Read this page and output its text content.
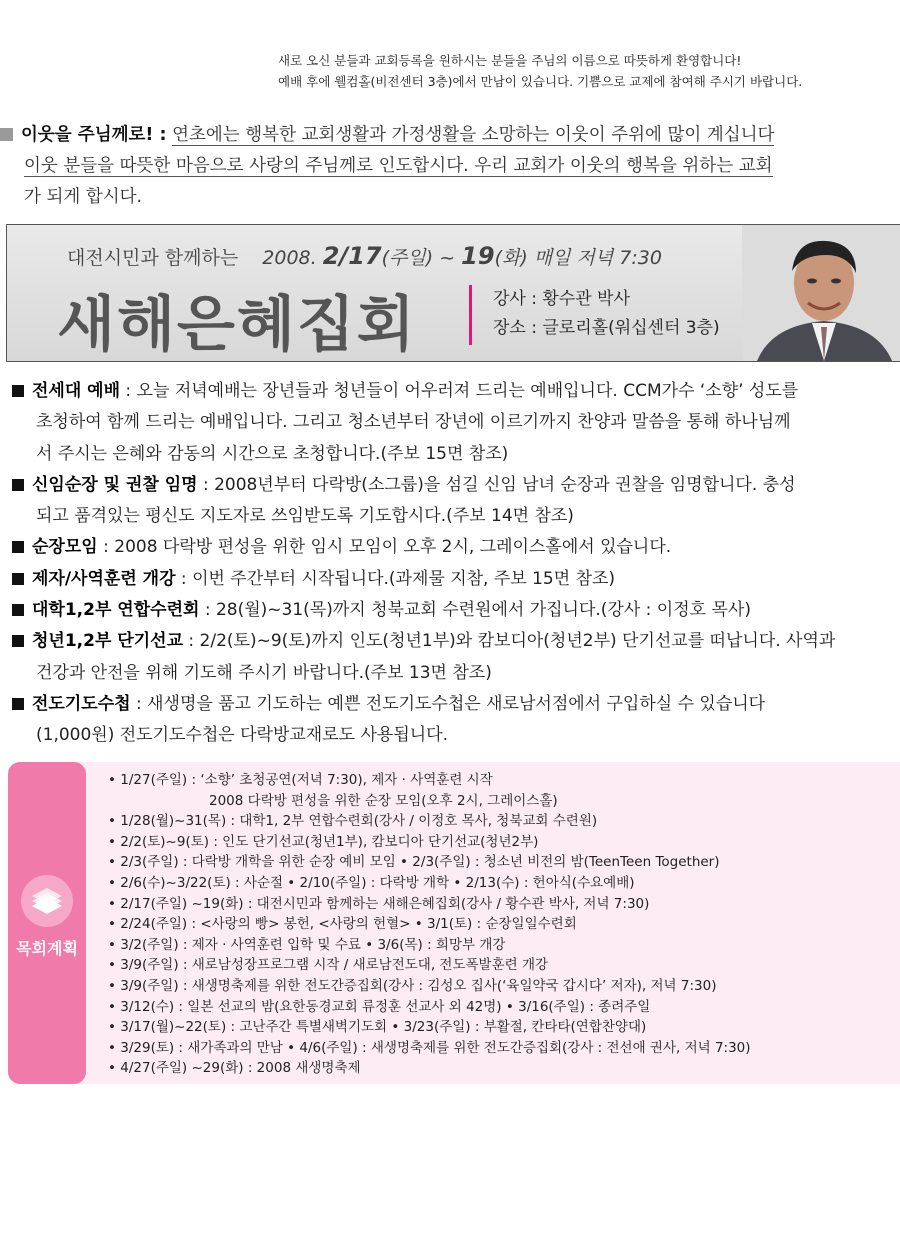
새로 오신 분들과 교회등록을 원하시는 분들을 주님의 이름으로 따뜻하게 환영합니다!
예배 후에 웰컴홀(비전센터 3층)에서 만남이 있습니다. 기쁨으로 교제에 참여해 주시기 바랍니다.
이웃을 주님께로! : 연초에는 행복한 교회생활과 가정생활을 소망하는 이웃이 주위에 많이 계십니다
이웃 분들을 따뜻한 마음으로 사랑의 주님께로 인도합시다. 우리 교회가 이웃의 행복을 위하는 교회
가 되게 합시다.
대전시민과 함께하는 2008. 2/17(주일) ~ 19(화) 매일 저녁 7:30
새해은혜집회	강사 : 황수관 박사
장소 : 글로리홀(워십센터 3층)
전세대 예배 : 오늘 저녁예배는 장년들과 청년들이 어우러져 드리는 예배입니다. CCM가수 ‘소향’ 성도를
초청하여 함께 드리는 예배입니다. 그리고 청소년부터 장년에 이르기까지 찬양과 말씀을 통해 하나님께
서 주시는 은혜와 감동의 시간으로 초청합니다.(주보 15면 참조)
신임순장 및 권찰 임명 : 2008년부터 다락방(소그룹)을 섬길 신임 남녀 순장과 권찰을 임명합니다. 충성
되고 품격있는 평신도 지도자로 쓰임받도록 기도합시다.(주보 14면 참조)
순장모임 : 2008 다락방 편성을 위한 임시 모임이 오후 2시, 그레이스홀에서 있습니다.
제자/사역훈련 개강 : 이번 주간부터 시작됩니다.(과제물 지참, 주보 15면 참조)
대학1,2부 연합수련회 : 28(월)~31(목)까지 청북교회 수련원에서 가집니다.(강사 : 이정호 목사)
청년1,2부 단기선교 : 2/2(토)~9(토)까지 인도(청년1부)와 캄보디아(청년2부) 단기선교를 떠납니다. 사역과
건강과 안전을 위해 기도해 주시기 바랍니다.(주보 13면 참조)
전도기도수첩 : 새생명을 품고 기도하는 예쁜 전도기도수첩은 새로남서점에서 구입하실 수 있습니다
(1,000원) 전도기도수첩은 다락방교재로도 사용됩니다.
목회계획
• 1/27(주일) : ‘소향’ 초청공연(저녁 7:30), 제자 · 사역훈련 시작
2008 다락방 편성을 위한 순장 모임(오후 2시, 그레이스홀)
• 1/28(월)~31(목) : 대학1, 2부 연합수련회(강사 / 이정호 목사, 청북교회 수련원)
• 2/2(토)~9(토) : 인도 단기선교(청년1부), 캄보디아 단기선교(청년2부)
• 2/3(주일) : 다락방 개학을 위한 순장 예비 모임 • 2/3(주일) : 청소년 비전의 밤(TeenTeen Together)
• 2/6(수)~3/22(토) : 사순절 • 2/10(주일) : 다락방 개학 • 2/13(수) : 헌아식(수요예배)
• 2/17(주일) ~19(화) : 대전시민과 함께하는 새해은혜집회(강사 / 황수관 박사, 저녁 7:30)
• 2/24(주일) : <사랑의 빵> 봉헌, <사랑의 헌혈> • 3/1(토) : 순장일일수련회
• 3/2(주일) : 제자 · 사역훈련 입학 및 수료 • 3/6(목) : 희망부 개강
• 3/9(주일) : 새로남성장프로그램 시작 / 새로남전도대, 전도폭발훈련 개강
• 3/9(주일) : 새생명축제를 위한 전도간증집회(강사 : 김성오 집사(‘육일약국 갑시다’ 저자), 저녁 7:30)
• 3/12(수) : 일본 선교의 밤(요한동경교회 류정훈 선교사 외 42명) • 3/16(주일) : 종려주일
• 3/17(월)~22(토) : 고난주간 특별새벽기도회 • 3/23(주일) : 부활절, 칸타타(연합찬양대)
• 3/29(토) : 새가족과의 만남 • 4/6(주일) : 새생명축제를 위한 전도간증집회(강사 : 전선애 권사, 저녁 7:30)
• 4/27(주일) ~29(화) : 2008 새생명축제
